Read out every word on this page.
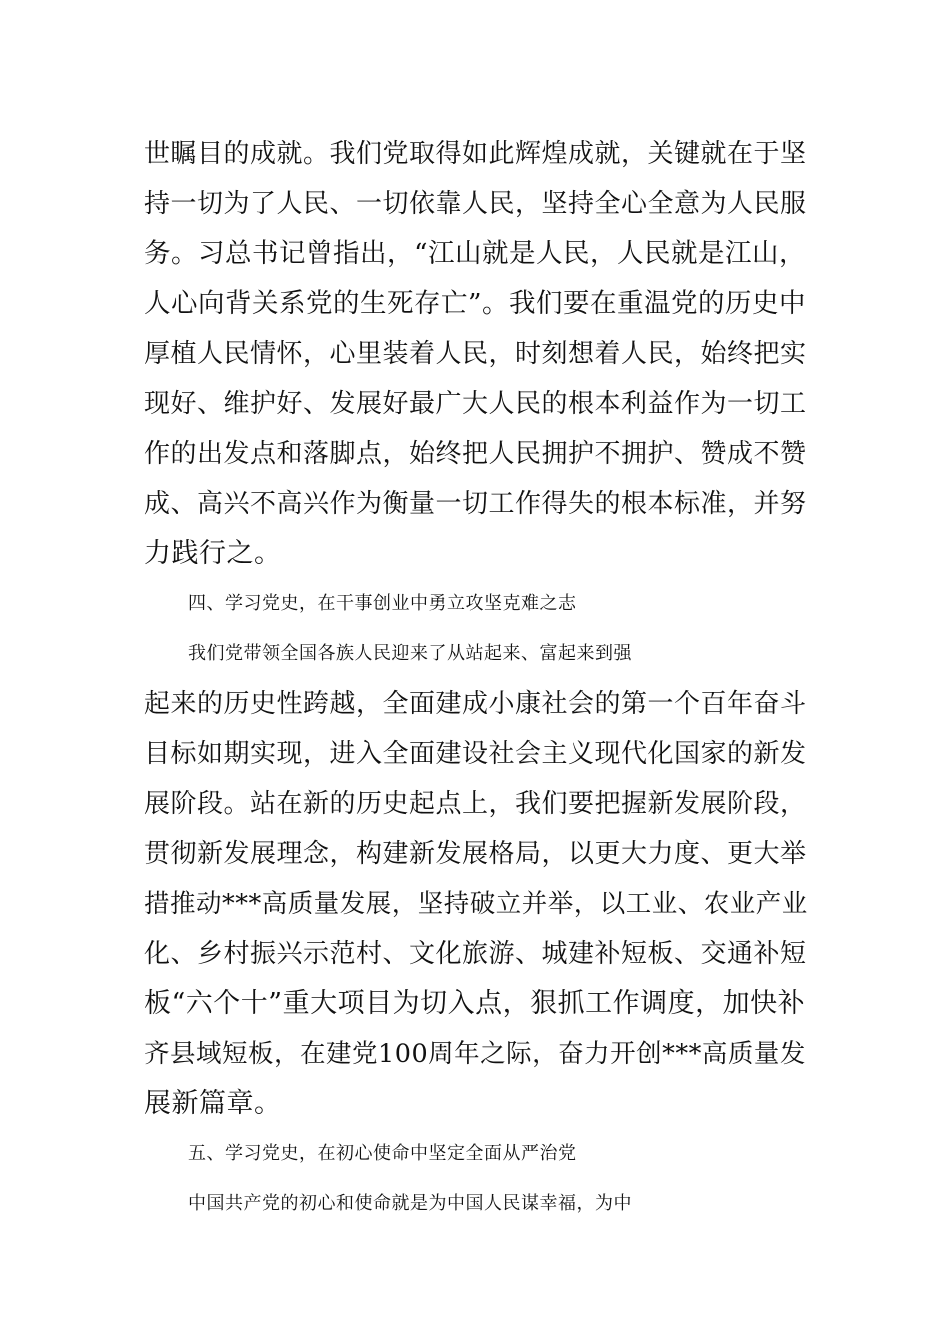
世瞩目的成就。我们党取得如此辉煌成就，关键就在于坚
持一切为了人民、一切依靠人民，坚持全心全意为人民服
务。习总书记曾指出，“江山就是人民，人民就是江山，
人心向背关系党的生死存亡”。我们要在重温党的历史中
厚植人民情怀，心里装着人民，时刻想着人民，始终把实
现好、维护好、发展好最广大人民的根本利益作为一切工
作的出发点和落脚点，始终把人民拥护不拥护、赞成不赞
成、高兴不高兴作为衡量一切工作得失的根本标准，并努
力践行之。
四、学习党史，在干事创业中勇立攻坚克难之志
我们党带领全国各族人民迎来了从站起来、富起来到强
起来的历史性跨越，全面建成小康社会的第一个百年奋斗
目标如期实现，进入全面建设社会主义现代化国家的新发
展阶段。站在新的历史起点上，我们要把握新发展阶段，
贯彻新发展理念，构建新发展格局，以更大力度、更大举
措推动***高质量发展，坚持破立并举，以工业、农业产业
化、乡村振兴示范村、文化旅游、城建补短板、交通补短
板“六个十”重大项目为切入点，狠抓工作调度，加快补
齐县域短板，在建党100周年之际，奋力开创***高质量发
展新篇章。
五、学习党史，在初心使命中坚定全面从严治党
中国共产党的初心和使命就是为中国人民谋幸福，为中
